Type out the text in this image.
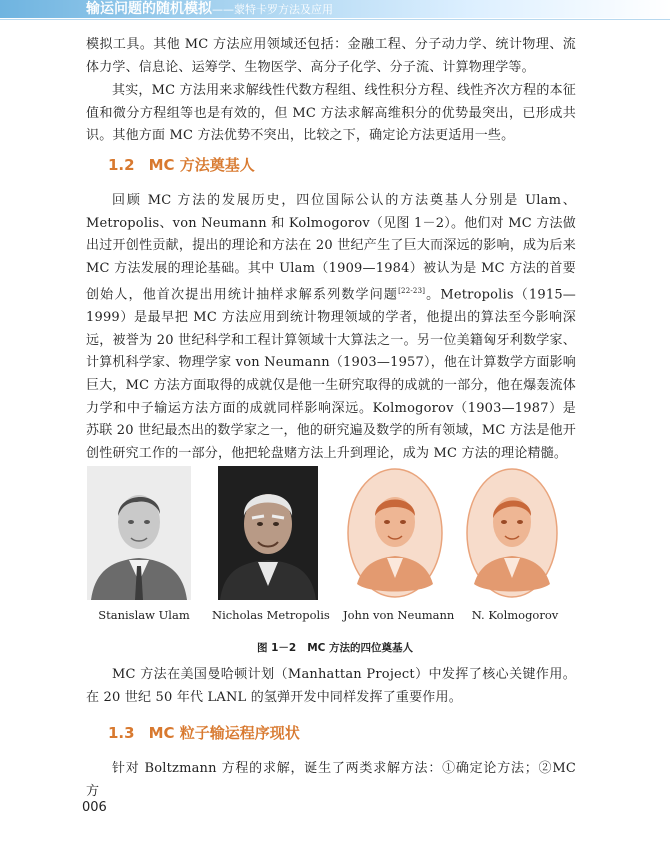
输运问题的随机模拟——蒙特卡罗方法及应用
模拟工具。其他 MC 方法应用领域还包括：金融工程、分子动力学、统计物理、流体力学、信息论、运筹学、生物医学、高分子化学、分子流、计算物理学等。
其实，MC 方法用来求解线性代数方程组、线性积分方程、线性齐次方程的本征值和微分方程组等也是有效的，但 MC 方法求解高维积分的优势最突出，已形成共识。其他方面 MC 方法优势不突出，比较之下，确定论方法更适用一些。
1.2 MC 方法奠基人
回顾 MC 方法的发展历史，四位国际公认的方法奠基人分别是 Ulam、Metropolis、von Neumann 和 Kolmogorov（见图 1－2）。他们对 MC 方法做出过开创性贡献，提出的理论和方法在 20 世纪产生了巨大而深远的影响，成为后来 MC 方法发展的理论基础。其中 Ulam（1909—1984）被认为是 MC 方法的首要创始人，他首次提出用统计抽样求解系列数学问题[22-23]。Metropolis（1915—1999）是最早把 MC 方法应用到统计物理领域的学者，他提出的算法至今影响深远，被誉为 20 世纪科学和工程计算领域十大算法之一。另一位美籍匈牙利数学家、计算机科学家、物理学家 von Neumann（1903—1957），他在计算数学方面影响巨大，MC 方法方面取得的成就仅是他一生研究取得的成就的一部分，他在爆轰流体力学和中子输运方法方面的成就同样影响深远。Kolmogorov（1903—1987）是苏联 20 世纪最杰出的数学家之一，他的研究遍及数学的所有领域，MC 方法是他开创性研究工作的一部分，他把轮盘赌方法上升到理论，成为 MC 方法的理论精髓。
Stanislaw Ulam Nicholas Metropolis John von Neumann	N. Kolmogorov
图 1－2 MC 方法的四位奠基人
MC 方法在美国曼哈顿计划（Manhattan Project）中发挥了核心关键作用。在 20 世纪 50 年代 LANL 的氢弹开发中同样发挥了重要作用。
1.3 MC 粒子输运程序现状
针对 Boltzmann 方程的求解，诞生了两类求解方法：①确定论方法；②MC 方
006
